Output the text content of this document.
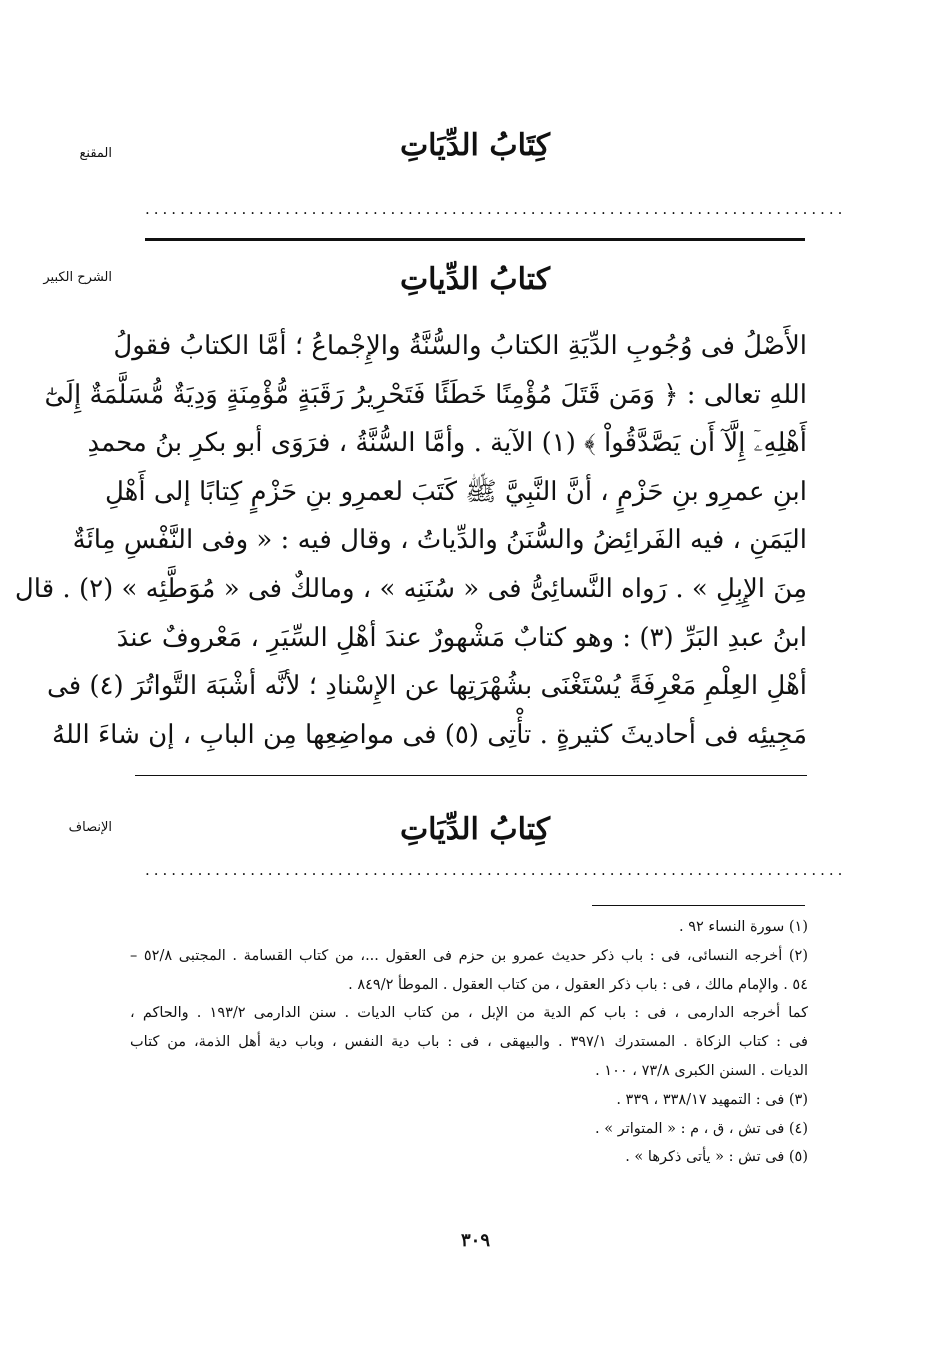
المقنع
الشرح الكبير
الإنصاف
كِتَابُ الدِّيَاتِ
................................................................................
كتابُ الدِّياتِ
الأَصْلُ فى وُجُوبِ الدِّيَةِ الكتابُ والسُّنَّةُ والإِجْماعُ ؛ أمَّا الكتابُ فقولُ
اللهِ تعالى : ﴿ وَمَن قَتَلَ مُؤْمِنًا خَطَئًا فَتَحْرِيرُ رَقَبَةٍ مُّؤْمِنَةٍ وَدِيَةٌ مُّسَلَّمَةٌ إِلَىٰٓ
أَهْلِهِۦٓ إِلَّآ أَن يَصَّدَّقُواْ ﴾ (١) الآية . وأمَّا السُّنَّةُ ، فرَوَى أبو بكرِ بنُ محمدِ
ابنِ عمرِو بنِ حَزْمٍ ، أنَّ النَّبِيَّ ﷺ كَتَبَ لعمرِو بنِ حَزْمٍ كِتابًا إلى أَهْلِ
اليَمَنِ ، فيه الفَرائِضُ والسُّنَنُ والدِّياتُ ، وقال فيه : « وفى النَّفْسِ مِائَةٌ
مِنَ الإِبِلِ » . رَواه النَّسائِىُّ فى « سُنَنِه » ، ومالكٌ فى « مُوَطَّئِه » (٢) . قال
ابنُ عبدِ البَرِّ (٣) : وهو كتابٌ مَشْهورٌ عندَ أهْلِ السِّيَرِ ، مَعْروفٌ عندَ
أهْلِ العِلْمِ مَعْرِفَةً يُسْتَغْنَى بشُهْرَتِها عن الإِسْنادِ ؛ لأنَّه أشْبَهَ التَّواتُرَ (٤) فى
مَجِيئِه فى أحاديثَ كثيرةٍ . تأْتِى (٥) فى مواضِعِها مِن البابِ ، إن شاءَ اللهُ
كِتابُ الدِّيَاتِ
................................................................................
(١) سورة النساء ٩٢ .
(٢) أخرجه النسائى، فى : باب ذكر حديث عمرو بن حزم فى العقول ...، من كتاب القسامة . المجتبى ٥٢/٨ –
٥٤ . والإمام مالك ، فى : باب ذكر العقول ، من كتاب العقول . الموطأ ٨٤٩/٢ .
كما أخرجه الدارمى ، فى : باب كم الدية من الإبل ، من كتاب الديات . سنن الدارمى ١٩٣/٢ . والحاكم ،
فى : كتاب الزكاة . المستدرك ٣٩٧/١ . والبيهقى ، فى : باب دية النفس ، وباب دية أهل الذمة، من كتاب
الديات . السنن الكبرى ٧٣/٨ ، ١٠٠ .
(٣) فى : التمهيد ٣٣٨/١٧ ، ٣٣٩ .
(٤) فى تش ، ق ، م : « المتواتر » .
(٥) فى تش : « يأتى ذكرها » .
٣٠٩
